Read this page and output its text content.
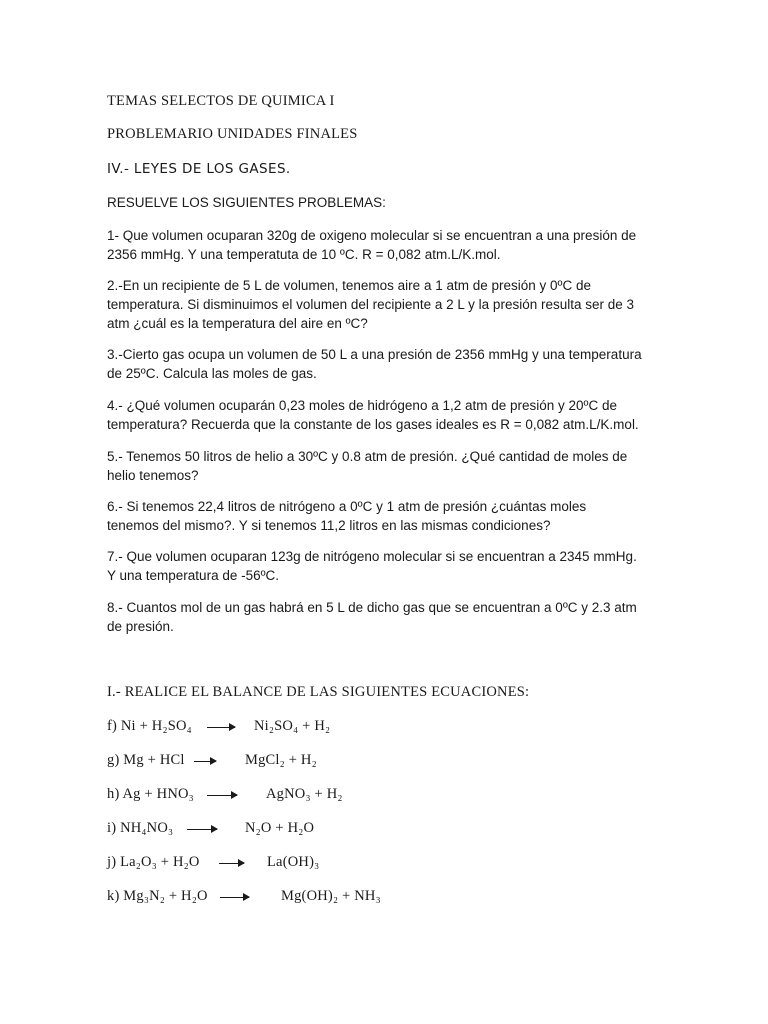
TEMAS SELECTOS DE QUIMICA I
PROBLEMARIO UNIDADES FINALES
IV.- LEYES DE LOS GASES.
RESUELVE LOS SIGUIENTES PROBLEMAS:

1- Que volumen ocuparan 320g de oxigeno molecular si se encuentran a una presión de

2356 mmHg. Y una temperatuta de 10 ºC. R = 0,082 atm.L/K.mol.

2.-En un recipiente de 5 L de volumen, tenemos aire a 1 atm de presión y 0ºC de

temperatura. Si disminuimos el volumen del recipiente a 2 L y la presión resulta ser de 3

atm ¿cuál es la temperatura del aire en ºC?

3.-Cierto gas ocupa un volumen de 50 L a una presión de 2356 mmHg y una temperatura

de 25ºC. Calcula las moles de gas.

4.- ¿Qué volumen ocuparán 0,23 moles de hidrógeno a 1,2 atm de presión y 20ºC de

temperatura? Recuerda que la constante de los gases ideales es R = 0,082 atm.L/K.mol.

5.- Tenemos 50 litros de helio a 30ºC y 0.8 atm de presión. ¿Qué cantidad de moles de

helio tenemos?

6.- Si tenemos 22,4 litros de nitrógeno a 0ºC y 1 atm de presión ¿cuántas moles

tenemos del mismo?. Y si tenemos 11,2 litros en las mismas condiciones?

7.- Que volumen ocuparan 123g de nitrógeno molecular si se encuentran a 2345 mmHg.

Y una temperatura de -56ºC.

8.- Cuantos mol de un gas habrá en 5 L de dicho gas que se encuentran a 0ºC y 2.3 atm

de presión.

I.- REALICE EL BALANCE DE LAS SIGUIENTES ECUACIONES:
f) Ni + H₂SO₄ → Ni₂SO₄ + H₂
g) Mg + HCl → MgCl₂ + H₂
h) Ag + HNO₃ → AgNO₃ + H₂
i) NH₄NO₃ → N₂O + H₂O
j) La₂O₃ + H₂O → La(OH)₃
k) Mg₃N₂ + H₂O → Mg(OH)₂ + NH₃
